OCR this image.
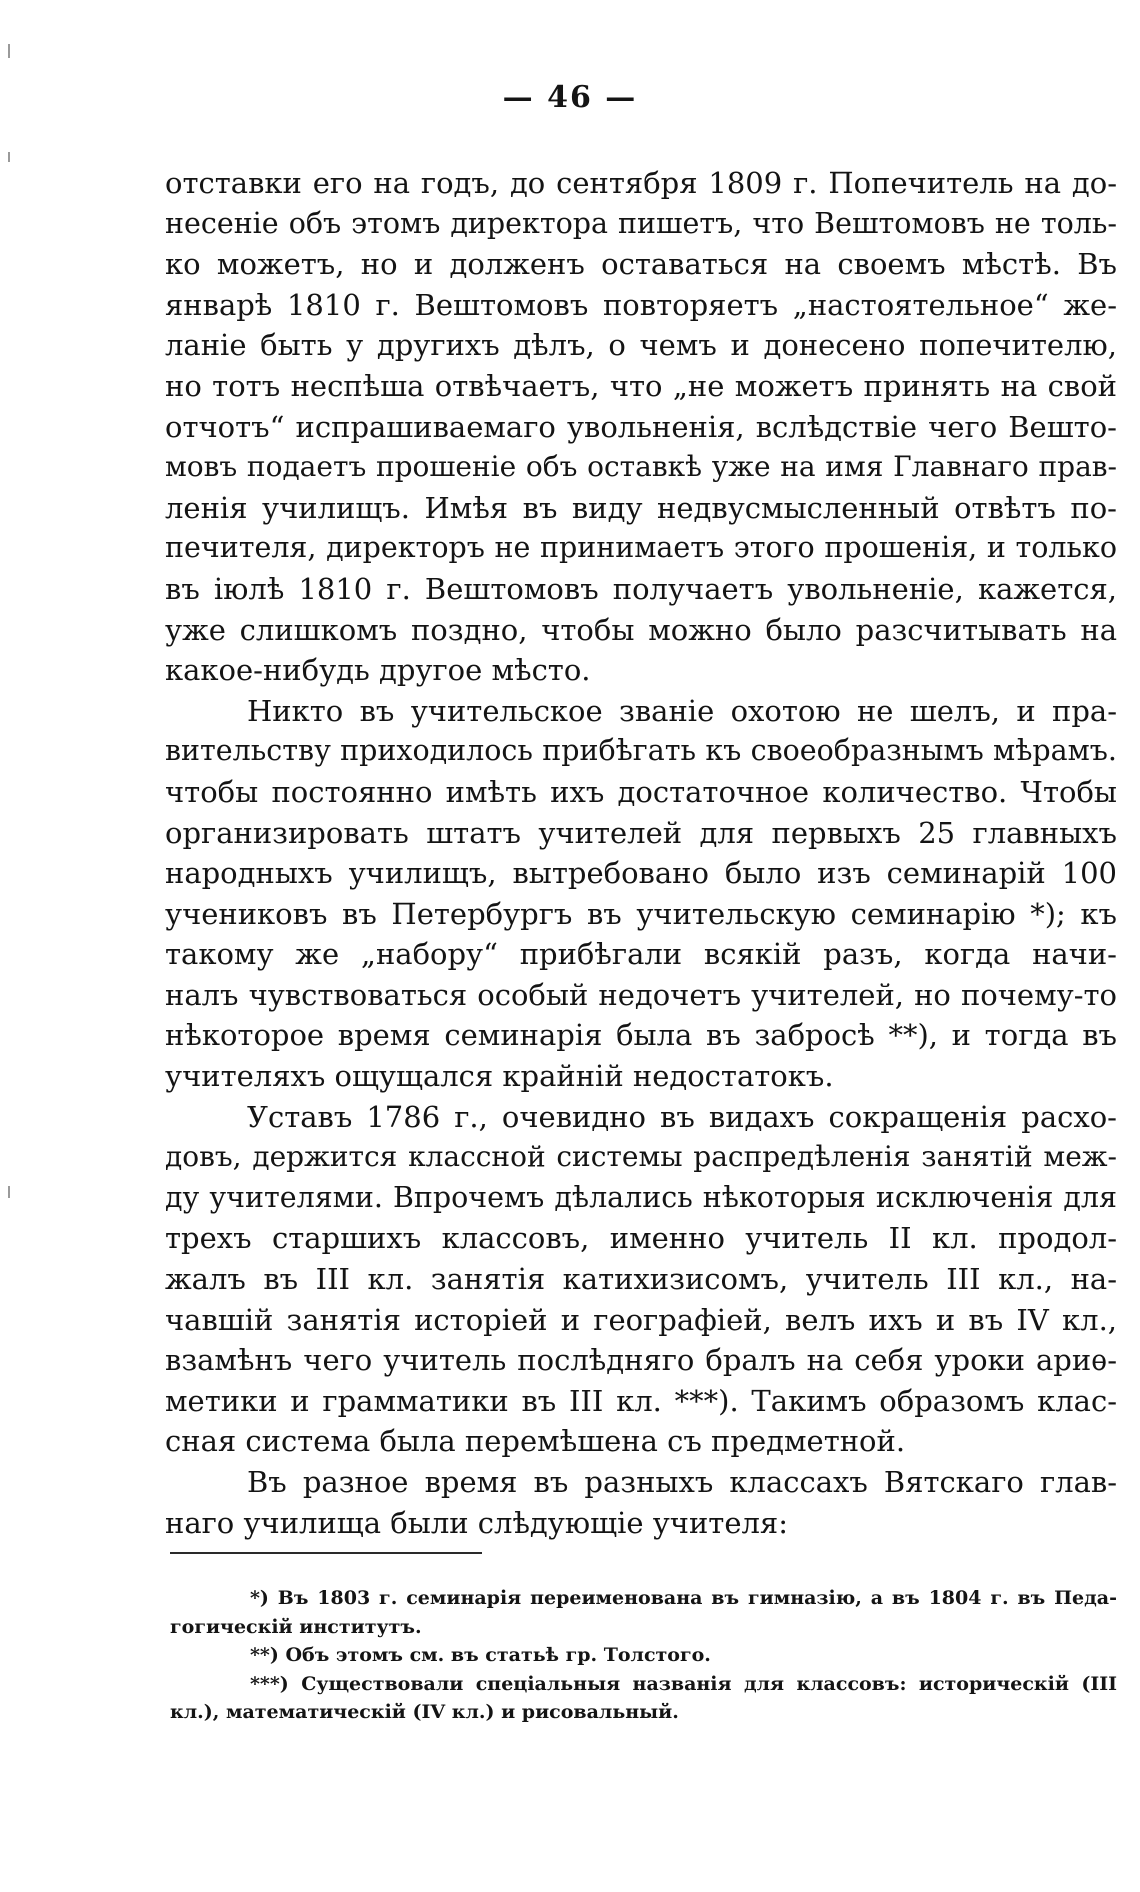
— 46 —
отставки его на годъ, до сентября 1809 г. Попечитель на до-
несеніе объ этомъ директора пишетъ, что Вештомовъ не толь-
ко можетъ, но и долженъ оставаться на своемъ мѣстѣ. Въ
январѣ 1810 г. Вештомовъ повторяетъ „настоятельное“ же-
ланіе быть у другихъ дѣлъ, о чемъ и донесено попечителю,
но тотъ неспѣша отвѣчаетъ, что „не можетъ принять на свой
отчотъ“ испрашиваемаго увольненія, вслѣдствіе чего Вешто-
мовъ подаетъ прошеніе объ оставкѣ уже на имя Главнаго прав-
ленія училищъ. Имѣя въ виду недвусмысленный отвѣтъ по-
печителя, директоръ не принимаетъ этого прошенія, и только
въ іюлѣ 1810 г. Вештомовъ получаетъ увольненіе, кажется,
уже слишкомъ поздно, чтобы можно было разсчитывать на
какое-нибудь другое мѣсто.
Никто въ учительское званіе охотою не шелъ, и пра-
вительству приходилось прибѣгать къ своеобразнымъ мѣрамъ.
чтобы постоянно имѣть ихъ достаточное количество. Чтобы
организировать штатъ учителей для первыхъ 25 главныхъ
народныхъ училищъ, вытребовано было изъ семинарій 100
учениковъ въ Петербургъ въ учительскую семинарію *); къ
такому же „набору“ прибѣгали всякій разъ, когда начи-
налъ чувствоваться особый недочетъ учителей, но почему-то
нѣкоторое время семинарія была въ забросѣ **), и тогда въ
учителяхъ ощущался крайній недостатокъ.
Уставъ 1786 г., очевидно въ видахъ сокращенія расхо-
довъ, держится классной системы распредѣленія занятій меж-
ду учителями. Впрочемъ дѣлались нѣкоторыя исключенія для
трехъ старшихъ классовъ, именно учитель II кл. продол-
жалъ въ III кл. занятія катихизисомъ, учитель III кл., на-
чавшій занятія исторіей и географіей, велъ ихъ и въ IV кл.,
взамѣнъ чего учитель послѣдняго бралъ на себя уроки ариѳ-
метики и грамматики въ III кл. ***). Такимъ образомъ клас-
сная система была перемѣшена съ предметной.
Въ разное время въ разныхъ классахъ Вятскаго глав-
наго училища были слѣдующіе учителя:
*) Въ 1803 г. семинарія переименована въ гимназію, а въ 1804 г. въ Педа-
гогическій институтъ.
**) Объ этомъ см. въ статьѣ гр. Толстого.
***) Существовали спеціальныя названія для классовъ: историческій (III
кл.), математическій (IV кл.) и рисовальный.
